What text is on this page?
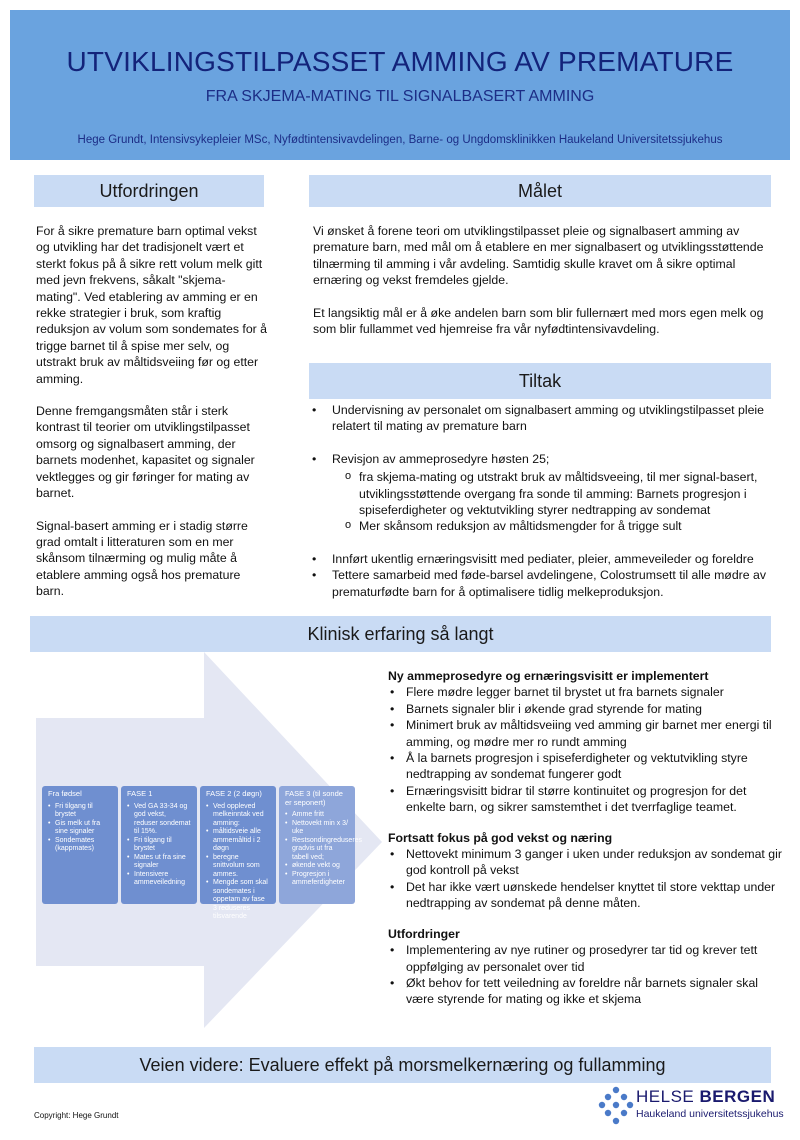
UTVIKLINGSTILPASSET AMMING AV PREMATURE
FRA SKJEMA-MATING TIL SIGNALBASERT AMMING
Hege Grundt, Intensivsykepleier MSc, Nyfødtintensivavdelingen, Barne- og Ungdomsklinikken Haukeland Universitetssjukehus
Utfordringen

For å sikre premature barn optimal vekst og utvikling har det tradisjonelt vært et sterkt fokus på å sikre rett volum melk gitt med jevn frekvens, såkalt "skjema-mating". Ved etablering av amming er en rekke strategier i bruk, som kraftig reduksjon av volum som sondemates for å trigge barnet til å spise mer selv, og utstrakt bruk av måltidsveiing før og etter amming.

Denne fremgangsmåten står i sterk kontrast til teorier om utviklingstilpasset omsorg og signalbasert amming, der barnets modenhet, kapasitet og signaler vektlegges og gir føringer for mating av barnet.

Signal-basert amming er i stadig større grad omtalt i litteraturen som en mer skånsom tilnærming og mulig måte å etablere amming også hos premature barn.

Målet

Vi ønsket å forene teori om utviklingstilpasset pleie og signalbasert amming av premature barn, med mål om å etablere en mer signalbasert og utviklingsstøttende tilnærming til amming i vår avdeling. Samtidig skulle kravet om å sikre optimal ernæring og vekst fremdeles gjelde.

Et langsiktig mål er å øke andelen barn som blir fullernært med mors egen melk og som blir fullammet ved hjemreise fra vår nyfødtintensivavdeling.

Tiltak
• Undervisning av personalet om signalbasert amming og utviklingstilpasset pleie relatert til mating av premature barn
• Revisjon av ammeprosedyre høsten 25;
o fra skjema-mating og utstrakt bruk av måltidsveeing, til mer signal-basert, utviklingsstøttende overgang fra sonde til amming: Barnets progresjon i spiseferdigheter og vektutvikling styrer nedtrapping av sondemat
o Mer skånsom reduksjon av måltidsmengder for å trigge sult
• Innført ukentlig ernæringsvisitt med pediater, pleier, ammeveileder og foreldre
• Tettere samarbeid med føde-barsel avdelingene, Colostrumsett til alle mødre av prematurfødte barn for å optimalisere tidlig melkeproduksjon.
Klinisk erfaring så langt
Fra fødsel
• Fri tilgang til brystet
• Gis melk ut fra sine signaler
• Sondemates (kappmates)
FASE 1
• Ved GA 33-34 og god vekst, reduser sondemat til 15%.
• Fri tilgang til brystet
• Mates ut fra sine signaler
• Intensivere ammeveiledning
FASE 2 (2 døgn)
• Ved oppleved melkeinntak ved amming:
• måltidsveie alle ammemåltid i 2 døgn
• beregne snittvolum som ammes.
• Mengde som skal sondemates i oppetam av fase 3 reduseres tilsvarende
FASE 3 (til sonde er seponert)
• Amme fritt
• Nettovekt min x 3/ uke
• Restsondingreduseres gradvis ut fra tabell ved;
• økende vekt og
• Progresjon i ammeferdigheter
Ny ammeprosedyre og ernæringsvisitt er implementert
• Flere mødre legger barnet til brystet ut fra barnets signaler
• Barnets signaler blir i økende grad styrende for mating
• Minimert bruk av måltidsveiing ved amming gir barnet mer energi til amming, og mødre mer ro rundt amming
• Å la barnets progresjon i spiseferdigheter og vektutvikling styre nedtrapping av sondemat fungerer godt
• Ernæringsvisitt bidrar til større kontinuitet og progresjon for det enkelte barn, og sikrer samstemthet i det tverrfaglige teamet.
Fortsatt fokus på god vekst og næring
• Nettovekt minimum 3 ganger i uken under reduksjon av sondemat gir god kontroll på vekst
• Det har ikke vært uønskede hendelser knyttet til store vekttap under nedtrapping av sondemat på denne måten.
Utfordringer
• Implementering av nye rutiner og prosedyrer tar tid og krever tett oppfølging av personalet over tid
• Økt behov for tett veiledning av foreldre når barnets signaler skal være styrende for mating og ikke et skjema
Veien videre: Evaluere effekt på morsmelkernæring og fullamming
Copyright: Hege Grundt
HELSE BERGEN
Haukeland universitetssjukehus
